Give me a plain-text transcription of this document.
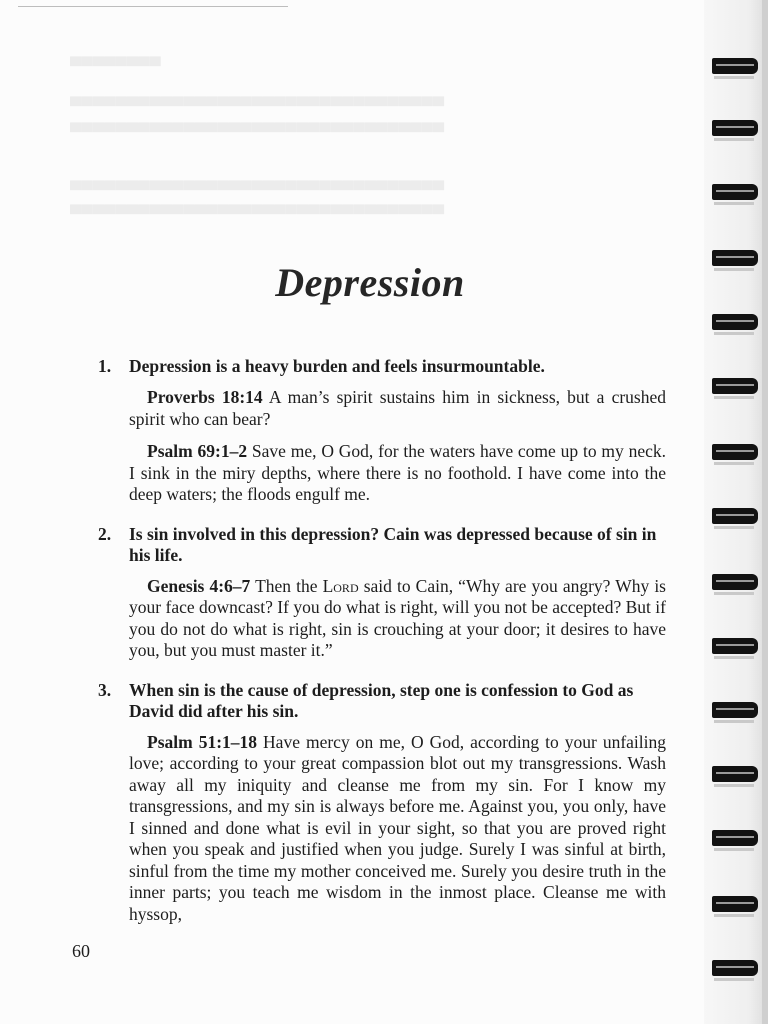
▀▀▀▀▀▀▀▀
▀▀▀▀▀▀▀▀▀▀▀▀▀▀▀▀▀▀▀▀▀▀▀▀▀▀▀▀▀▀▀▀▀
▀▀▀▀▀▀▀▀▀▀▀▀▀▀▀▀▀▀▀▀▀▀▀▀▀▀▀▀▀▀▀▀▀
▀▀▀▀▀▀▀▀▀▀▀▀▀▀▀▀▀▀▀▀▀▀▀▀▀▀▀▀▀▀▀▀▀
▀▀▀▀▀▀▀▀▀▀▀▀▀▀▀▀▀▀▀▀▀▀▀▀▀▀▀▀▀▀▀▀▀
Depression
1. Depression is a heavy burden and feels insurmountable.

Proverbs 18:14 A man’s spirit sustains him in sickness, but a crushed spirit who can bear?

Psalm 69:1–2 Save me, O God, for the waters have come up to my neck. I sink in the miry depths, where there is no foothold. I have come into the deep waters; the floods engulf me.

2. Is sin involved in this depression? Cain was depressed because of sin in his life.

Genesis 4:6–7 Then the Lord said to Cain, “Why are you angry? Why is your face downcast? If you do what is right, will you not be accepted? But if you do not do what is right, sin is crouching at your door; it desires to have you, but you must master it.”

3. When sin is the cause of depression, step one is confession to God as David did after his sin.

Psalm 51:1–18 Have mercy on me, O God, according to your unfailing love; according to your great compassion blot out my transgressions. Wash away all my iniquity and cleanse me from my sin. For I know my transgressions, and my sin is always before me. Against you, you only, have I sinned and done what is evil in your sight, so that you are proved right when you speak and justified when you judge. Surely I was sinful at birth, sinful from the time my mother conceived me. Surely you desire truth in the inner parts; you teach me wisdom in the inmost place. Cleanse me with hyssop,

60
